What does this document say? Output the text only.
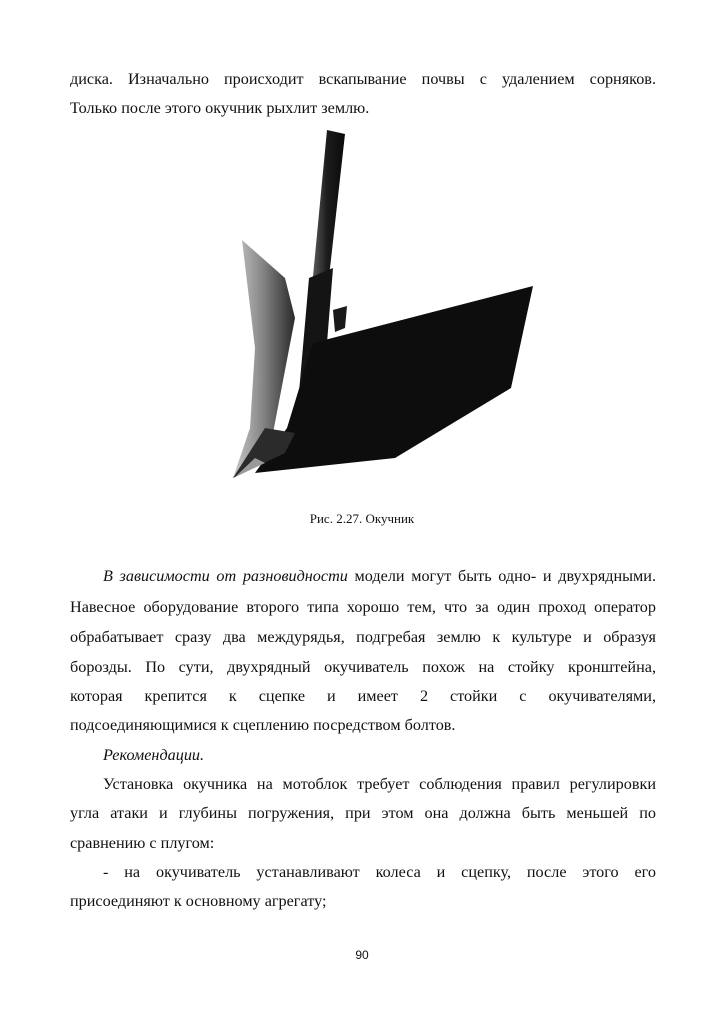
диска. Изначально происходит вскапывание почвы с удалением сорняков.
Только после этого окучник рыхлит землю.
Рис. 2.27. Окучник
В зависимости от разновидности модели могут быть одно- и двухрядными.
Навесное оборудование второго типа хорошо тем, что за один проход оператор
обрабатывает сразу два междурядья, подгребая землю к культуре и образуя
борозды. По сути, двухрядный окучиватель похож на стойку кронштейна,
которая крепится к сцепке и имеет 2 стойки с окучивателями,
подсоединяющимися к сцеплению посредством болтов.
Рекомендации.
Установка окучника на мотоблок требует соблюдения правил регулировки
угла атаки и глубины погружения, при этом она должна быть меньшей по
сравнению с плугом:
- на окучиватель устанавливают колеса и сцепку, после этого его
присоединяют к основному агрегату;
90
